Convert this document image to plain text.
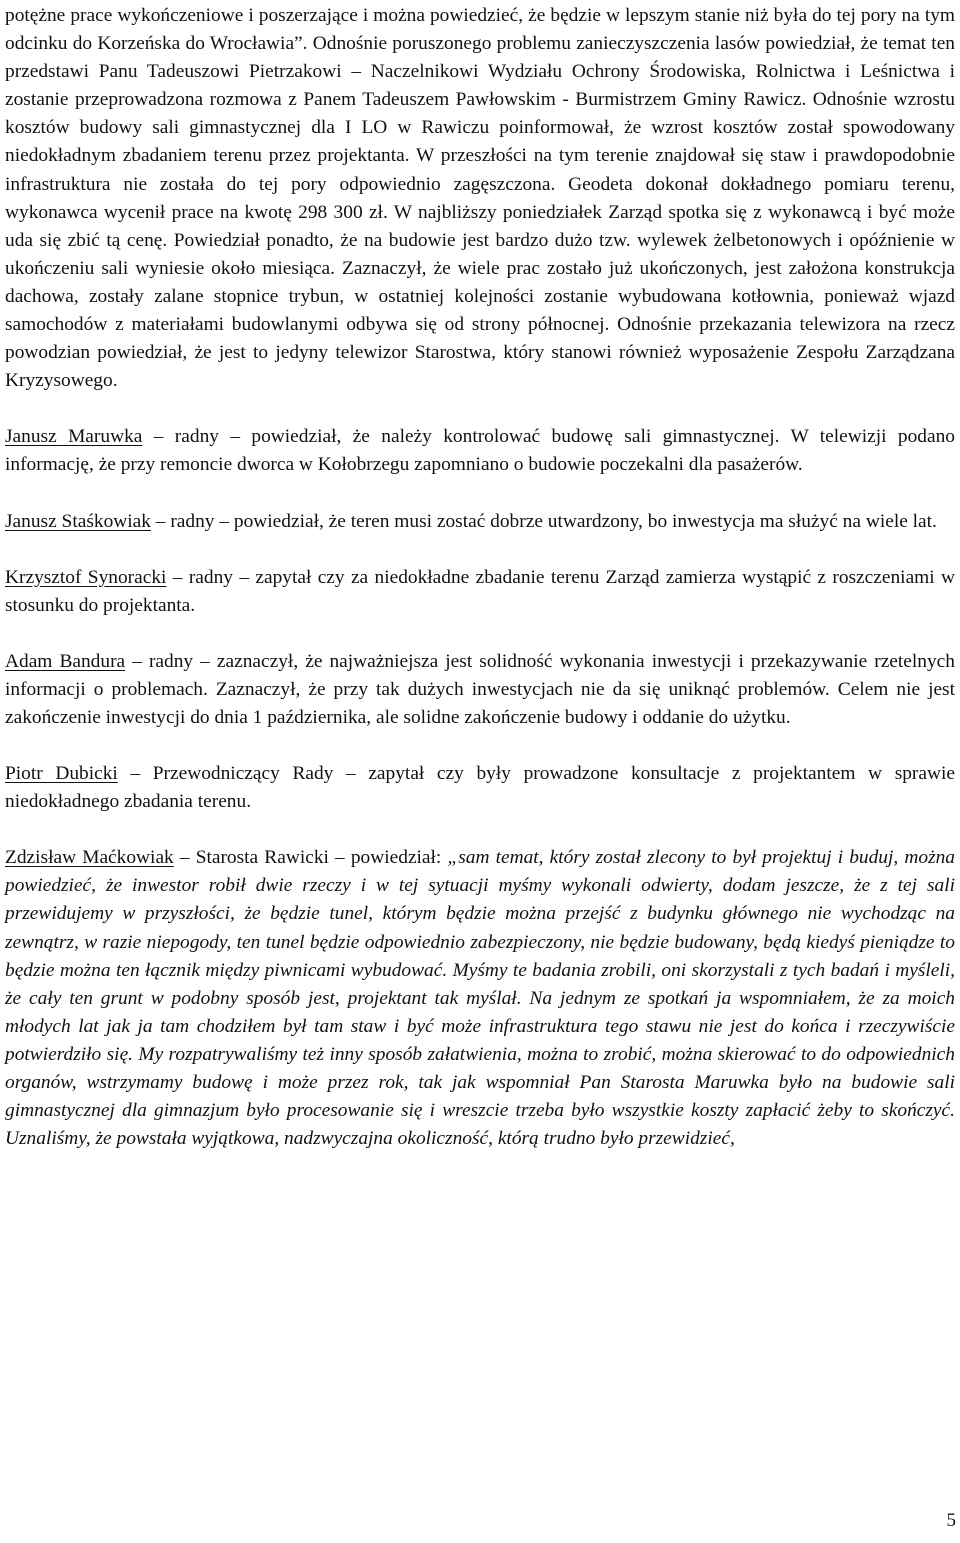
potężne prace wykończeniowe i poszerzające i można powiedzieć, że będzie w lepszym stanie niż była do tej pory na tym odcinku do Korzeńska do Wrocławia”. Odnośnie poruszonego problemu zanieczyszczenia lasów powiedział, że temat ten przedstawi Panu Tadeuszowi Pietrzakowi – Naczelnikowi Wydziału Ochrony Środowiska, Rolnictwa i Leśnictwa i zostanie przeprowadzona rozmowa z Panem Tadeuszem Pawłowskim - Burmistrzem Gminy Rawicz. Odnośnie wzrostu kosztów budowy sali gimnastycznej dla I LO w Rawiczu poinformował, że wzrost kosztów został spowodowany niedokładnym zbadaniem terenu przez projektanta. W przeszłości na tym terenie znajdował się staw i prawdopodobnie infrastruktura nie została do tej pory odpowiednio zagęszczona. Geodeta dokonał dokładnego pomiaru terenu, wykonawca wycenił prace na kwotę 298 300 zł. W najbliższy poniedziałek Zarząd spotka się z wykonawcą i być może uda się zbić tą cenę. Powiedział ponadto, że na budowie jest bardzo dużo tzw. wylewek żelbetonowych i opóźnienie w ukończeniu sali wyniesie około miesiąca. Zaznaczył, że wiele prac zostało już ukończonych, jest założona konstrukcja dachowa, zostały zalane stopnice trybun, w ostatniej kolejności zostanie wybudowana kotłownia, ponieważ wjazd samochodów z materiałami budowlanymi odbywa się od strony północnej. Odnośnie przekazania telewizora na rzecz powodzian powiedział, że jest to jedyny telewizor Starostwa, który stanowi również wyposażenie Zespołu Zarządzana Kryzysowego.

Janusz Maruwka – radny – powiedział, że należy kontrolować budowę sali gimnastycznej. W telewizji podano informację, że przy remoncie dworca w Kołobrzegu zapomniano o budowie poczekalni dla pasażerów.

Janusz Staśkowiak – radny – powiedział, że teren musi zostać dobrze utwardzony, bo inwestycja ma służyć na wiele lat.

Krzysztof Synoracki – radny – zapytał czy za niedokładne zbadanie terenu Zarząd zamierza wystąpić z roszczeniami w stosunku do projektanta.

Adam Bandura – radny – zaznaczył, że najważniejsza jest solidność wykonania inwestycji i przekazywanie rzetelnych informacji o problemach. Zaznaczył, że przy tak dużych inwestycjach nie da się uniknąć problemów. Celem nie jest zakończenie inwestycji do dnia 1 października, ale solidne zakończenie budowy i oddanie do użytku.

Piotr Dubicki – Przewodniczący Rady – zapytał czy były prowadzone konsultacje z projektantem w sprawie niedokładnego zbadania terenu.

Zdzisław Maćkowiak – Starosta Rawicki – powiedział: „sam temat, który został zlecony to był projektuj i buduj, można powiedzieć, że inwestor robił dwie rzeczy i w tej sytuacji myśmy wykonali odwierty, dodam jeszcze, że z tej sali przewidujemy w przyszłości, że będzie tunel, którym będzie można przejść z budynku głównego nie wychodząc na zewnątrz, w razie niepogody, ten tunel będzie odpowiednio zabezpieczony, nie będzie budowany, będą kiedyś pieniądze to będzie można ten łącznik między piwnicami wybudować. Myśmy te badania zrobili, oni skorzystali z tych badań i myśleli, że cały ten grunt w podobny sposób jest, projektant tak myślał. Na jednym ze spotkań ja wspomniałem, że za moich młodych lat jak ja tam chodziłem był tam staw i być może infrastruktura tego stawu nie jest do końca i rzeczywiście potwierdziło się. My rozpatrywaliśmy też inny sposób załatwienia, można to zrobić, można skierować to do odpowiednich organów, wstrzymamy budowę i może przez rok, tak jak wspomniał Pan Starosta Maruwka było na budowie sali gimnastycznej dla gimnazjum było procesowanie się i wreszcie trzeba było wszystkie koszty zapłacić żeby to skończyć. Uznaliśmy, że powstała wyjątkowa, nadzwyczajna okoliczność, którą trudno było przewidzieć,

5
